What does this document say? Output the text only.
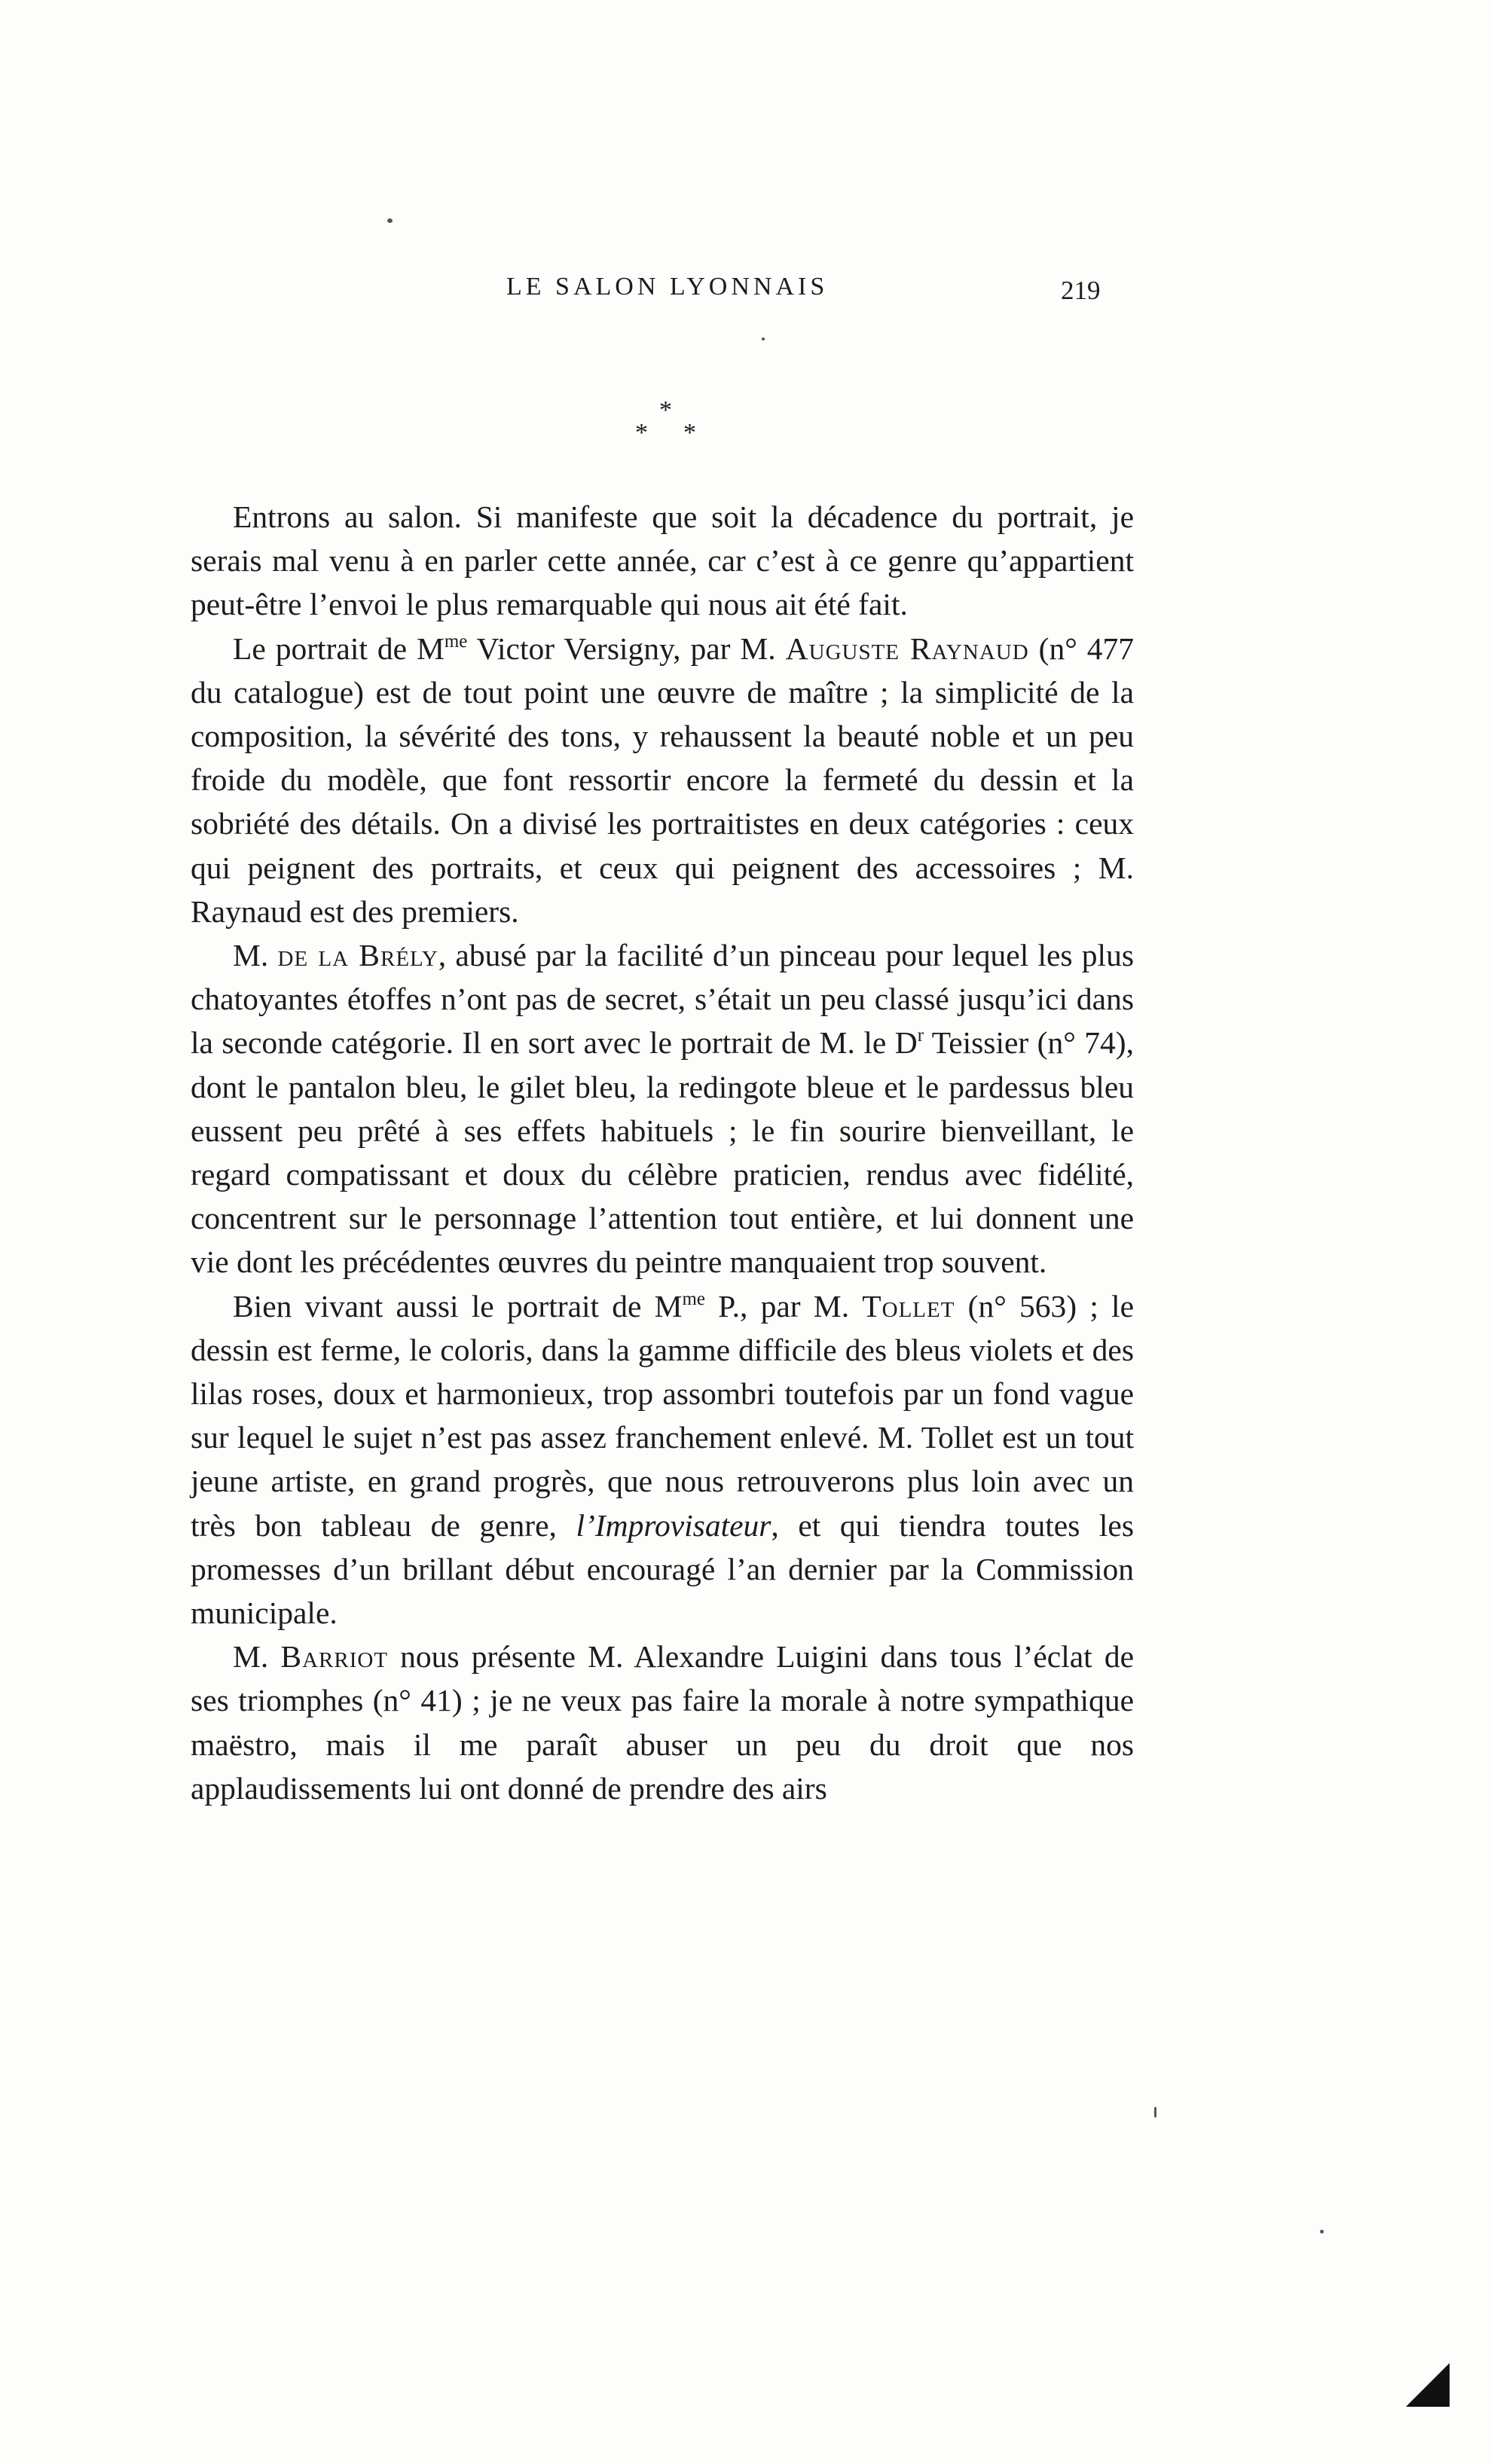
LE SALON LYONNAIS	219
*
* *

Entrons au salon. Si manifeste que soit la décadence du portrait, je serais mal venu à en parler cette année, car c’est à ce genre qu’appartient peut-être l’envoi le plus remarquable qui nous ait été fait.

Le portrait de $M^{me}$ Victor Versigny, par M. Auguste Raynaud (n° 477 du catalogue) est de tout point une œuvre de maître ; la simplicité de la composition, la sévérité des tons, y rehaussent la beauté noble et un peu froide du modèle, que font ressortir encore la fermeté du dessin et la sobriété des détails. On a divisé les portraitistes en deux catégories : ceux qui peignent des portraits, et ceux qui peignent des accessoires ; M. Raynaud est des premiers.

M. de la Brély, abusé par la facilité d’un pinceau pour lequel les plus chatoyantes étoffes n’ont pas de secret, s’était un peu classé jusqu’ici dans la seconde catégorie. Il en sort avec le portrait de M. le $D^r$ Teissier (n° 74), dont le pantalon bleu, le gilet bleu, la redingote bleue et le pardessus bleu eussent peu prêté à ses effets habituels ; le fin sourire bienveillant, le regard compatissant et doux du célèbre praticien, rendus avec fidélité, concentrent sur le personnage l’attention tout entière, et lui donnent une vie dont les précédentes œuvres du peintre manquaient trop souvent.

Bien vivant aussi le portrait de $M^{me}$ P., par M. Tollet (n° 563) ; le dessin est ferme, le coloris, dans la gamme difficile des bleus violets et des lilas roses, doux et harmonieux, trop assombri toutefois par un fond vague sur lequel le sujet n’est pas assez franchement enlevé. M. Tollet est un tout jeune artiste, en grand progrès, que nous retrouverons plus loin avec un très bon tableau de genre, l’Improvisateur, et qui tiendra toutes les promesses d’un brillant début encouragé l’an dernier par la Commission municipale.

M. Barriot nous présente M. Alexandre Luigini dans tous l’éclat de ses triomphes (n° 41) ; je ne veux pas faire la morale à notre sympathique maëstro, mais il me paraît abuser un peu du droit que nos applaudissements lui ont donné de prendre des airs
